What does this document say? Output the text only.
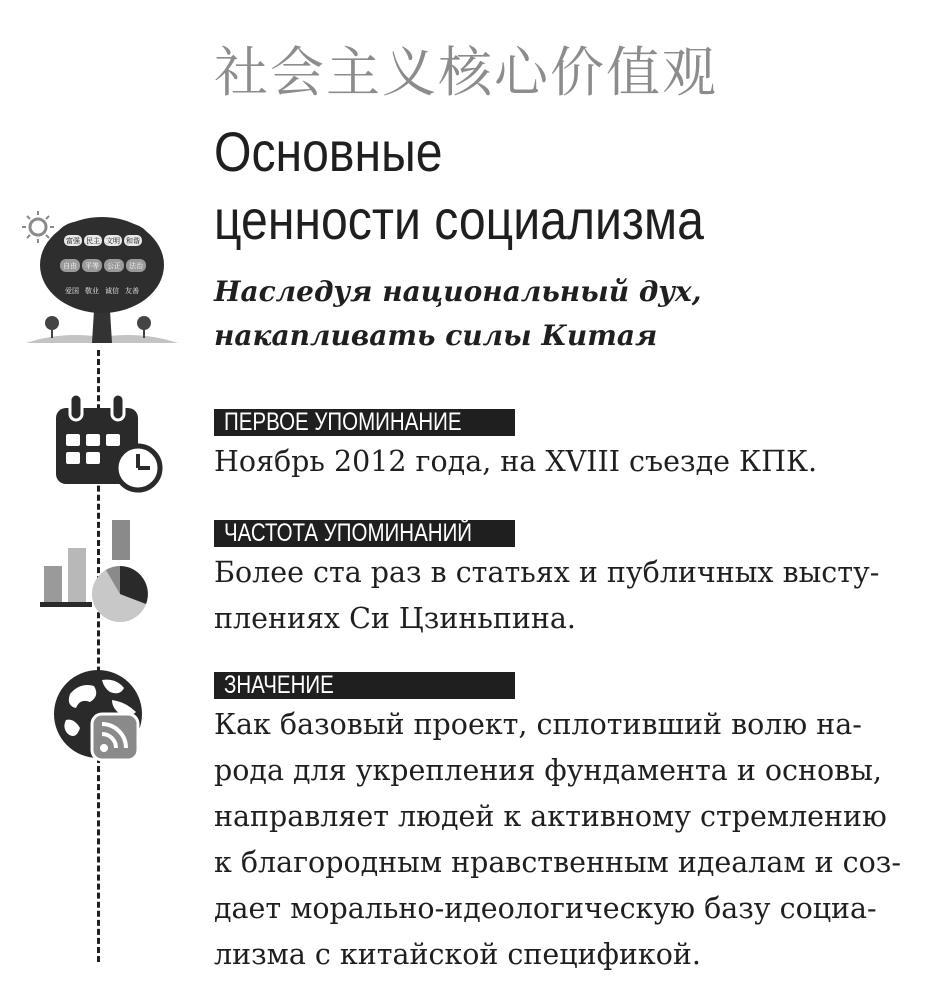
社会主义核心价值观
Основные
ценности социализма
Наследуя национальный дух,
накапливать силы Китая
富强 民主 文明 和谐
自由 平等 公正 法治
爱国 敬业 诚信 友善
ПЕРВОЕ УПОМИНАНИЕ
Ноябрь 2012 года, на XVIII съезде КПК.
ЧАСТОТА УПОМИНАНИЙ
Более ста раз в статьях и публичных высту-
плениях Си Цзиньпина.
ЗНАЧЕНИЕ
Как базовый проект, сплотивший волю на-
рода для укрепления фундамента и основы,
направляет людей к активному стремлению
к благородным нравственным идеалам и соз-
дает морально-идеологическую базу социа-
лизма с китайской спецификой.
